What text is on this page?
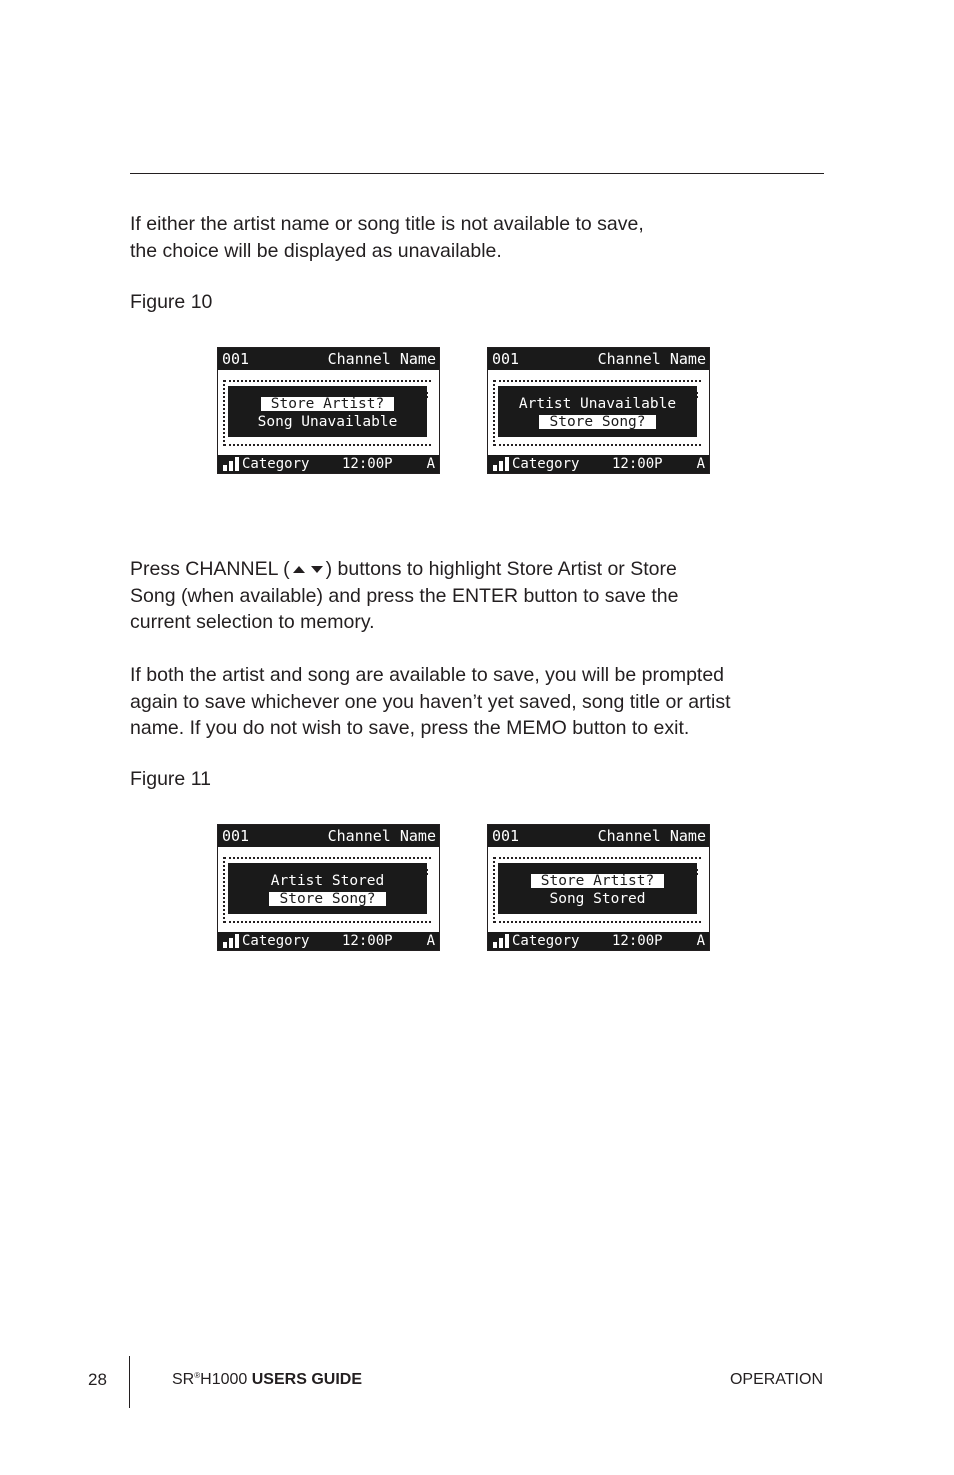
If either the artist name or song title is not available to save,
the choice will be displayed as unavailable.

Figure 10

001	Channel Name
Store Artist?
Song Unavailable
Category 12:00P A
001	Channel Name
Artist Unavailable
Store Song?
Category 12:00P A

Press CHANNEL ( ) buttons to highlight Store Artist or Store
Song (when available) and press the ENTER button to save the
current selection to memory.

If both the artist and song are available to save, you will be prompted
again to save whichever one you haven’t yet saved, song title or artist
name. If you do not wish to save, press the MEMO button to exit.

Figure 11

001	Channel Name
Artist Stored
Store Song?
Category 12:00P A
001	Channel Name
Store Artist?
Song Stored
Category 12:00P A
28	SR®H1000 USERS GUIDE	OPERATION
